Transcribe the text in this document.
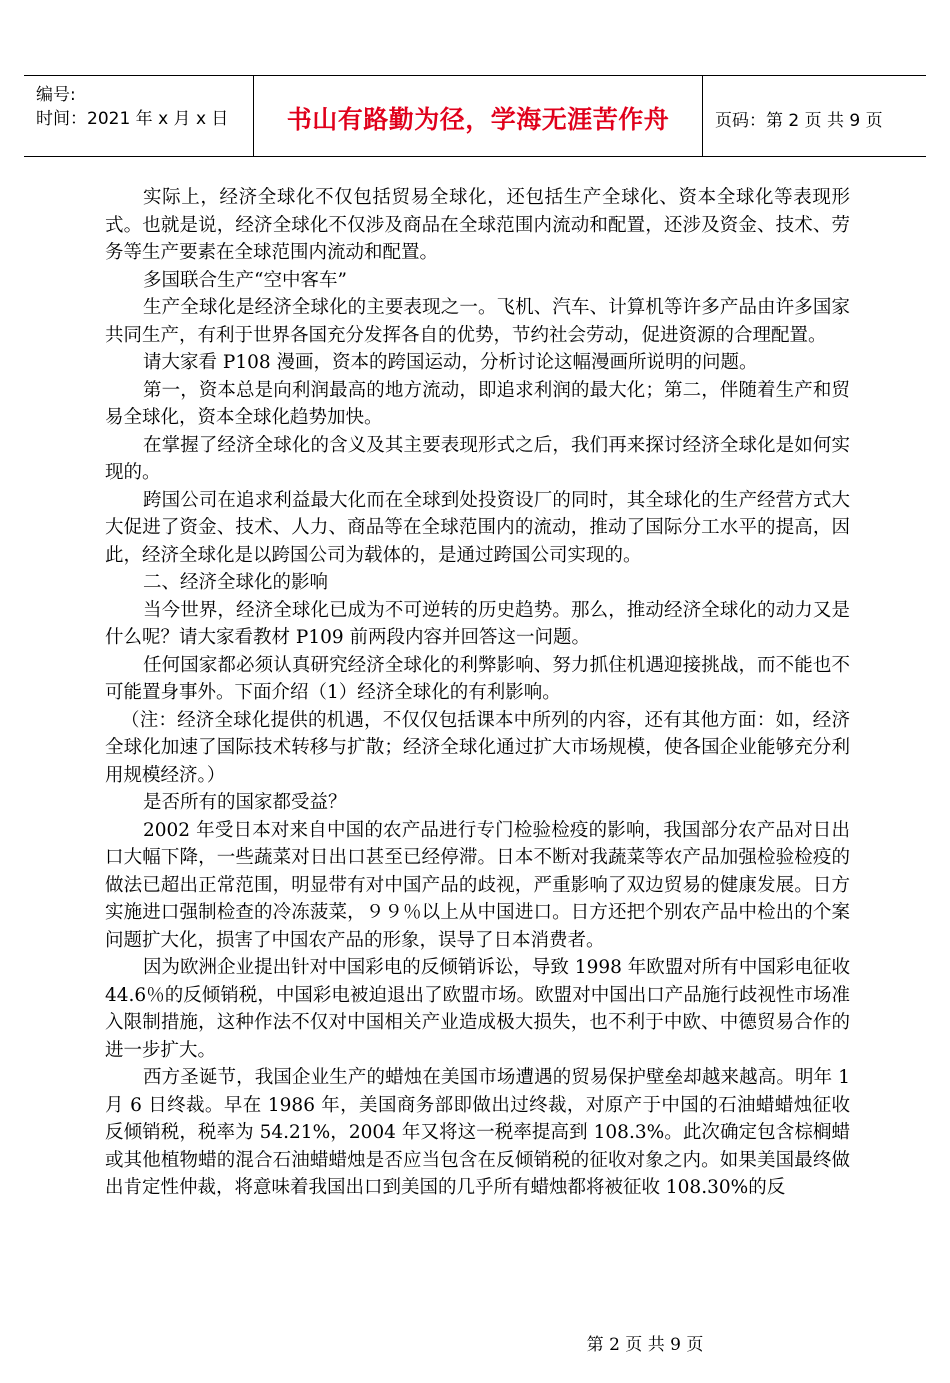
编号:
时间：2021 年 x 月 x 日	书山有路勤为径，学海无涯苦作舟	页码：第 2 页 共 9 页

实际上，经济全球化不仅包括贸易全球化，还包括生产全球化、资本全球化等表现形式。也就是说，经济全球化不仅涉及商品在全球范围内流动和配置，还涉及资金、技术、劳务等生产要素在全球范围内流动和配置。

多国联合生产“空中客车”

生产全球化是经济全球化的主要表现之一。飞机、汽车、计算机等许多产品由许多国家共同生产，有利于世界各国充分发挥各自的优势，节约社会劳动，促进资源的合理配置。

请大家看 P108 漫画，资本的跨国运动，分析讨论这幅漫画所说明的问题。

第一，资本总是向利润最高的地方流动，即追求利润的最大化；第二，伴随着生产和贸易全球化，资本全球化趋势加快。

在掌握了经济全球化的含义及其主要表现形式之后，我们再来探讨经济全球化是如何实现的。

跨国公司在追求利益最大化而在全球到处投资设厂的同时，其全球化的生产经营方式大大促进了资金、技术、人力、商品等在全球范围内的流动，推动了国际分工水平的提高，因此，经济全球化是以跨国公司为载体的，是通过跨国公司实现的。

二、经济全球化的影响

当今世界，经济全球化已成为不可逆转的历史趋势。那么，推动经济全球化的动力又是什么呢？请大家看教材 P109 前两段内容并回答这一问题。

任何国家都必须认真研究经济全球化的利弊影响、努力抓住机遇迎接挑战，而不能也不可能置身事外。下面介绍（1）经济全球化的有利影响。

（注：经济全球化提供的机遇，不仅仅包括课本中所列的内容，还有其他方面：如，经济全球化加速了国际技术转移与扩散；经济全球化通过扩大市场规模，使各国企业能够充分利用规模经济。）

是否所有的国家都受益？

2002 年受日本对来自中国的农产品进行专门检验检疫的影响，我国部分农产品对日出口大幅下降，一些蔬菜对日出口甚至已经停滞。日本不断对我蔬菜等农产品加强检验检疫的做法已超出正常范围，明显带有对中国产品的歧视，严重影响了双边贸易的健康发展。日方实施进口强制检查的冷冻菠菜，９９％以上从中国进口。日方还把个别农产品中检出的个案问题扩大化，损害了中国农产品的形象，误导了日本消费者。

因为欧洲企业提出针对中国彩电的反倾销诉讼，导致 1998 年欧盟对所有中国彩电征收 44.6％的反倾销税，中国彩电被迫退出了欧盟市场。欧盟对中国出口产品施行歧视性市场准入限制措施，这种作法不仅对中国相关产业造成极大损失，也不利于中欧、中德贸易合作的进一步扩大。

西方圣诞节，我国企业生产的蜡烛在美国市场遭遇的贸易保护壁垒却越来越高。明年 1 月 6 日终裁。早在 1986 年，美国商务部即做出过终裁，对原产于中国的石油蜡蜡烛征收反倾销税，税率为 54.21%，2004 年又将这一税率提高到 108.3%。此次确定包含棕榈蜡或其他植物蜡的混合石油蜡蜡烛是否应当包含在反倾销税的征收对象之内。如果美国最终做出肯定性仲裁，将意味着我国出口到美国的几乎所有蜡烛都将被征收 108.30%的反

第 2 页 共 9 页
